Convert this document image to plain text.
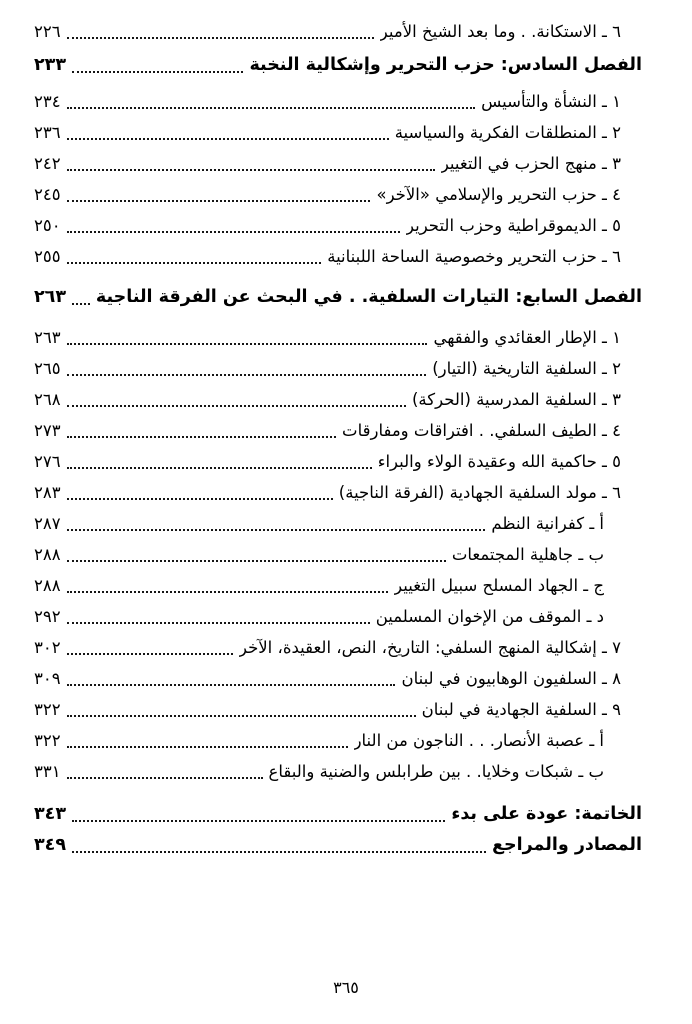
٦ ـ الاستكانة. . وما بعد الشيخ الأمير
٢٢٦
الفصل السادس: حزب التحرير وإشكالية النخبة
٢٣٣
١ ـ النشأة والتأسيس
٢٣٤
٢ ـ المنطلقات الفكرية والسياسية
٢٣٦
٣ ـ منهج الحزب في التغيير
٢٤٢
٤ ـ حزب التحرير والإسلامي «الآخر»
٢٤٥
٥ ـ الديموقراطية وحزب التحرير
٢٥٠
٦ ـ حزب التحرير وخصوصية الساحة اللبنانية
٢٥٥
الفصل السابع: التيارات السلفية. . في البحث عن الفرقة الناجية
٢٦٣
١ ـ الإطار العقائدي والفقهي
٢٦٣
٢ ـ السلفية التاريخية (التيار)
٢٦٥
٣ ـ السلفية المدرسية (الحركة)
٢٦٨
٤ ـ الطيف السلفي. . افتراقات ومفارقات
٢٧٣
٥ ـ حاكمية الله وعقيدة الولاء والبراء
٢٧٦
٦ ـ مولد السلفية الجهادية (الفرقة الناجية)
٢٨٣
أ ـ كفرانية النظم
٢٨٧
ب ـ جاهلية المجتمعات
٢٨٨
ج ـ الجهاد المسلح سبيل التغيير
٢٨٨
د ـ الموقف من الإخوان المسلمين
٢٩٢
٧ ـ إشكالية المنهج السلفي: التاريخ، النص، العقيدة، الآخر
٣٠٢
٨ ـ السلفيون الوهابيون في لبنان
٣٠٩
٩ ـ السلفية الجهادية في لبنان
٣٢٢
أ ـ عصبة الأنصار. . . الناجون من النار
٣٢٢
ب ـ شبكات وخلايا. . بين طرابلس والضنية والبقاع
٣٣١
الخاتمة: عودة على بدء
٣٤٣
المصادر والمراجع
٣٤٩
٣٦٥
